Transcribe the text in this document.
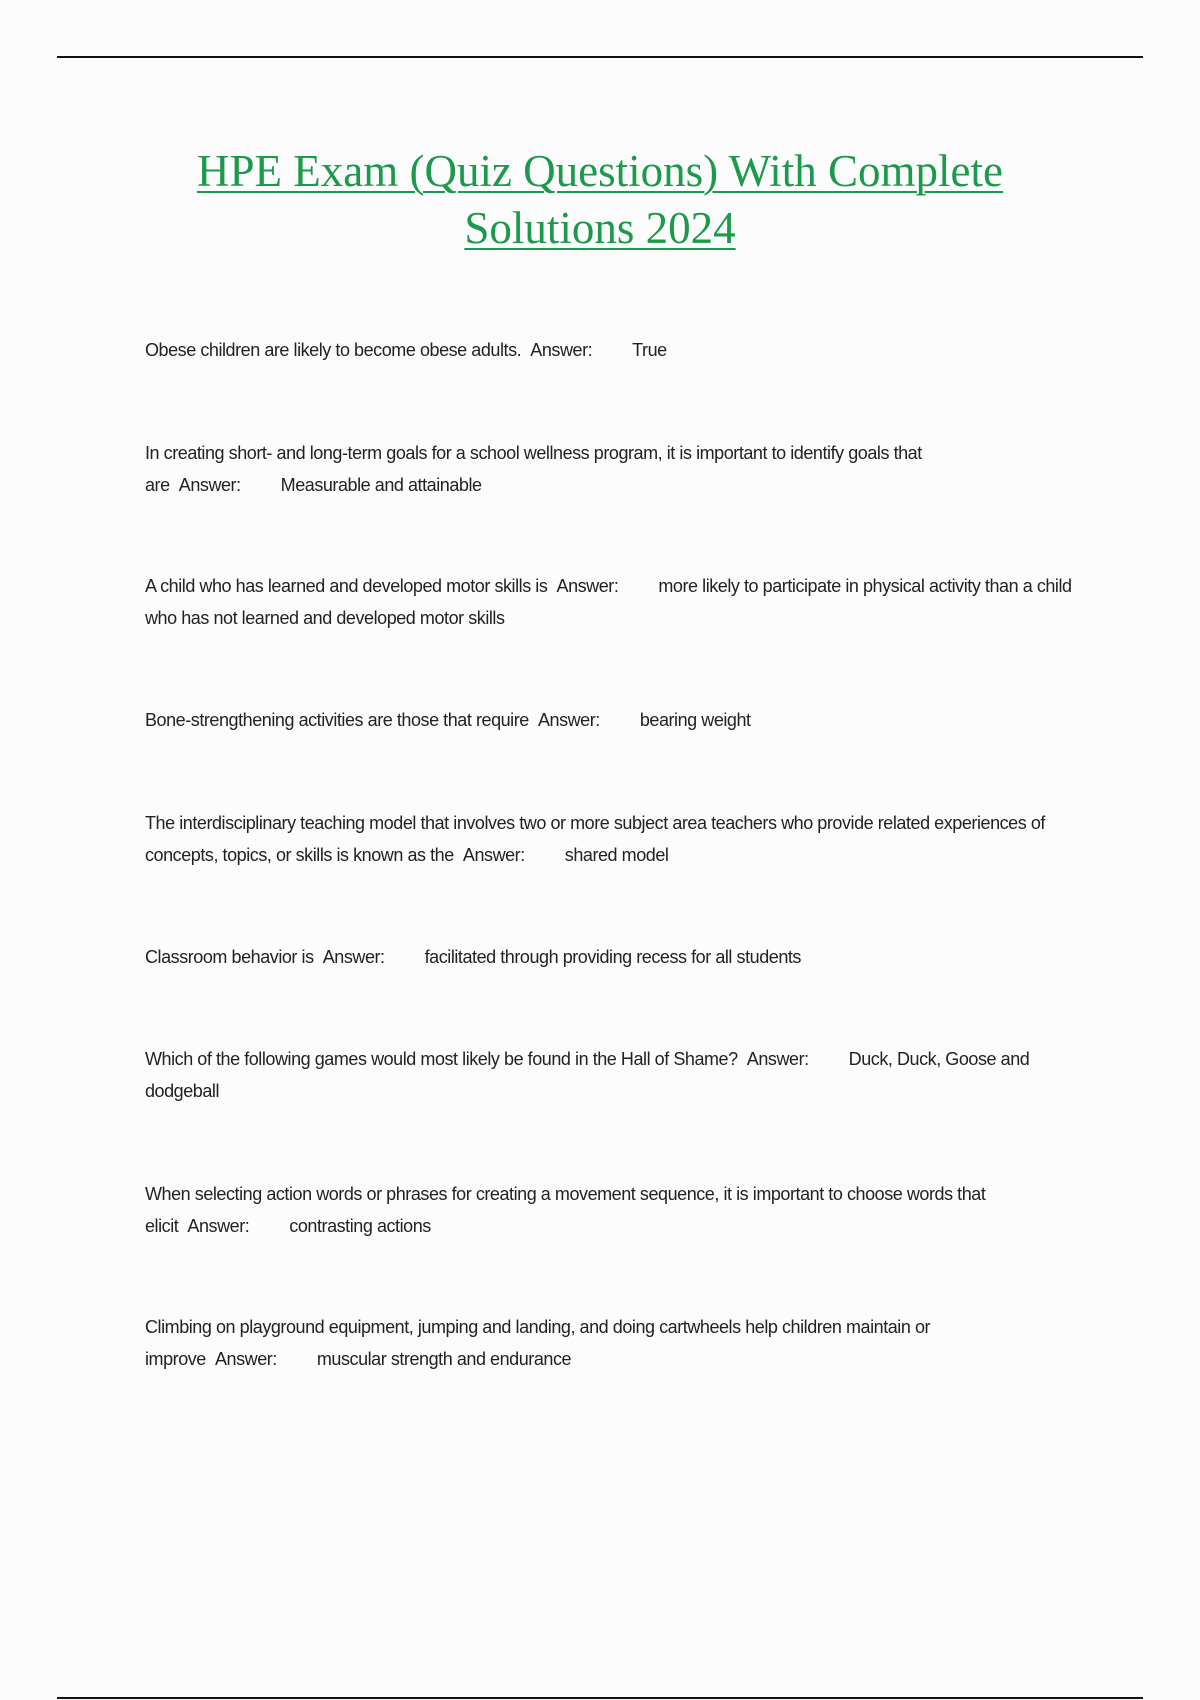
HPE Exam (Quiz Questions) With Complete
Solutions 2024
Obese children are likely to become obese adults. Answer: True
In creating short- and long-term goals for a school wellness program, it is important to identify goals that are Answer: Measurable and attainable
A child who has learned and developed motor skills is Answer: more likely to participate in physical activity than a child who has not learned and developed motor skills
Bone-strengthening activities are those that require Answer: bearing weight
The interdisciplinary teaching model that involves two or more subject area teachers who provide related experiences of concepts, topics, or skills is known as the Answer: shared model
Classroom behavior is Answer: facilitated through providing recess for all students
Which of the following games would most likely be found in the Hall of Shame? Answer: Duck, Duck, Goose and dodgeball
When selecting action words or phrases for creating a movement sequence, it is important to choose words that elicit Answer: contrasting actions
Climbing on playground equipment, jumping and landing, and doing cartwheels help children maintain or improve Answer: muscular strength and endurance
